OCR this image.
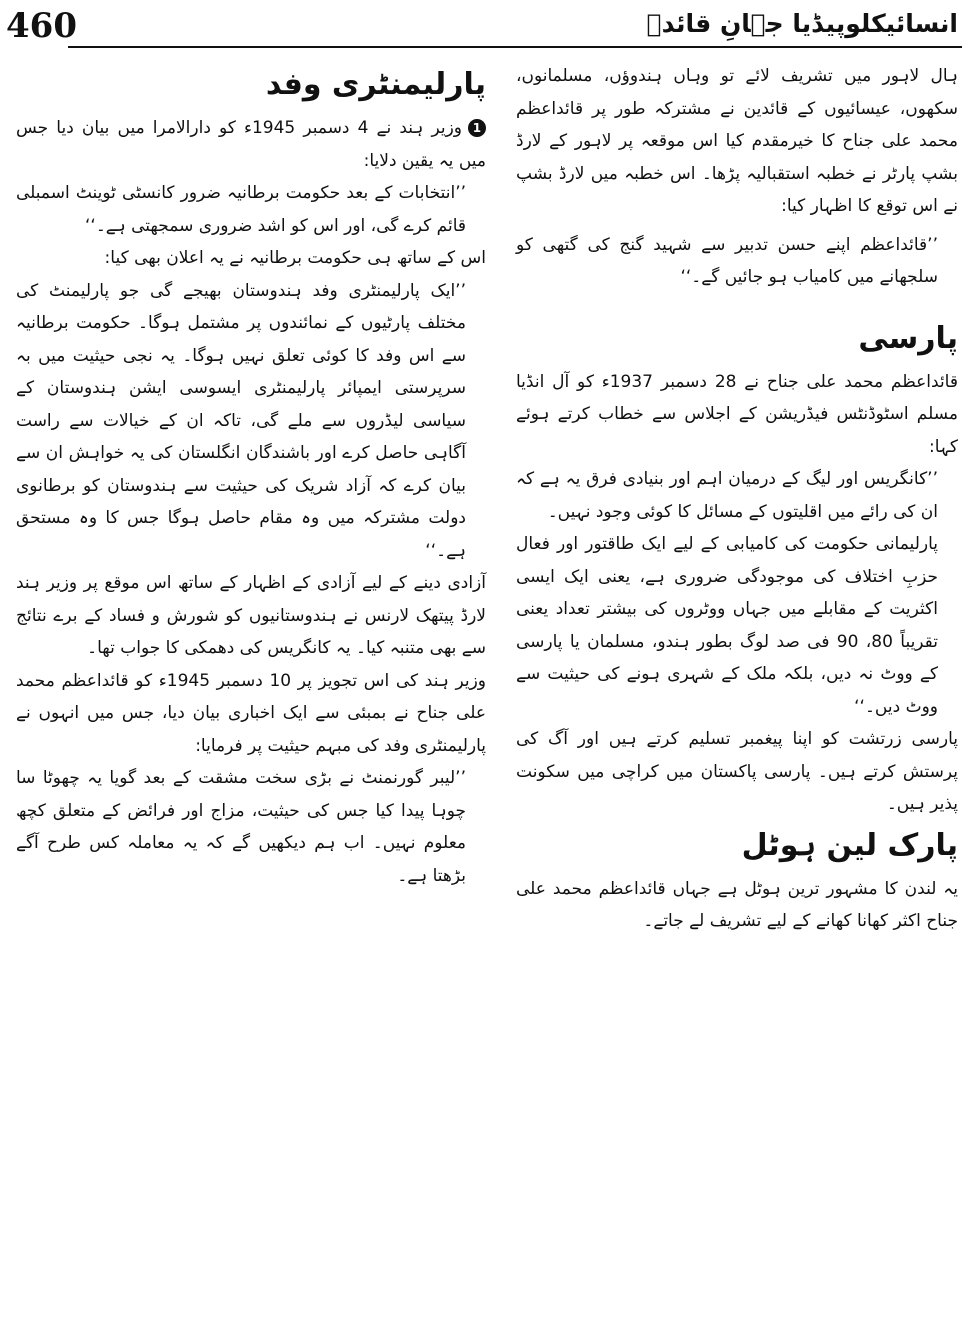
460	انسائیکلوپیڈیا جہانِ قائدؒ

ہال لاہور میں تشریف لائے تو وہاں ہندوؤں، مسلمانوں، سکھوں، عیسائیوں کے قائدین نے مشترکہ طور پر قائداعظم محمد علی جناح کا خیرمقدم کیا اس موقعہ پر لاہور کے لارڈ بشپ پارٹر نے خطبہ استقبالیہ پڑھا۔ اس خطبہ میں لارڈ بشپ نے اس توقع کا اظہار کیا:

’’قائداعظم اپنے حسن تدبیر سے شہید گنج کی گتھی کو سلجھانے میں کامیاب ہو جائیں گے۔‘‘

پارسی

قائداعظم محمد علی جناح نے 28 دسمبر 1937ء کو آل انڈیا مسلم اسٹوڈنٹس فیڈریشن کے اجلاس سے خطاب کرتے ہوئے کہا:

’’کانگریس اور لیگ کے درمیان اہم اور بنیادی فرق یہ ہے کہ ان کی رائے میں اقلیتوں کے مسائل کا کوئی وجود نہیں۔

پارلیمانی حکومت کی کامیابی کے لیے ایک طاقتور اور فعال حزبِ اختلاف کی موجودگی ضروری ہے، یعنی ایک ایسی اکثریت کے مقابلے میں جہاں ووٹروں کی بیشتر تعداد یعنی تقریباً 80، 90 فی صد لوگ بطور ہندو، مسلمان یا پارسی کے ووٹ نہ دیں، بلکہ ملک کے شہری ہونے کی حیثیت سے ووٹ دیں۔‘‘

پارسی زرتشت کو اپنا پیغمبر تسلیم کرتے ہیں اور آگ کی پرستش کرتے ہیں۔ پارسی پاکستان میں کراچی میں سکونت پذیر ہیں۔

پارک لین ہوٹل

یہ لندن کا مشہور ترین ہوٹل ہے جہاں قائداعظم محمد علی جناح اکثر کھانا کھانے کے لیے تشریف لے جاتے۔

پارلیمنٹری وفد

1وزیر ہند نے 4 دسمبر 1945ء کو دارالامرا میں بیان دیا جس میں یہ یقین دلایا:

’’انتخابات کے بعد حکومت برطانیہ ضرور کانسٹی ٹوینٹ اسمبلی قائم کرے گی، اور اس کو اشد ضروری سمجھتی ہے۔‘‘

اس کے ساتھ ہی حکومت برطانیہ نے یہ اعلان بھی کیا:

’’ایک پارلیمنٹری وفد ہندوستان بھیجے گی جو پارلیمنٹ کی مختلف پارٹیوں کے نمائندوں پر مشتمل ہوگا۔ حکومت برطانیہ سے اس وفد کا کوئی تعلق نہیں ہوگا۔ یہ نجی حیثیت میں بہ سرپرستی ایمپائر پارلیمنٹری ایسوسی ایشن ہندوستان کے سیاسی لیڈروں سے ملے گی، تاکہ ان کے خیالات سے راست آگاہی حاصل کرے اور باشندگان انگلستان کی یہ خواہش ان سے بیان کرے کہ آزاد شریک کی حیثیت سے ہندوستان کو برطانوی دولت مشترکہ میں وہ مقام حاصل ہوگا جس کا وہ مستحق ہے۔‘‘

آزادی دینے کے لیے آزادی کے اظہار کے ساتھ اس موقع پر وزیر ہند لارڈ پیتھک لارنس نے ہندوستانیوں کو شورش و فساد کے برے نتائج سے بھی متنبہ کیا۔ یہ کانگریس کی دھمکی کا جواب تھا۔

وزیر ہند کی اس تجویز پر 10 دسمبر 1945ء کو قائداعظم محمد علی جناح نے بمبئی سے ایک اخباری بیان دیا، جس میں انہوں نے پارلیمنٹری وفد کی مبہم حیثیت پر فرمایا:

’’لیبر گورنمنٹ نے بڑی سخت مشقت کے بعد گویا یہ چھوٹا سا چوہا پیدا کیا جس کی حیثیت، مزاج اور فرائض کے متعلق کچھ معلوم نہیں۔ اب ہم دیکھیں گے کہ یہ معاملہ کس طرح آگے بڑھتا ہے۔
